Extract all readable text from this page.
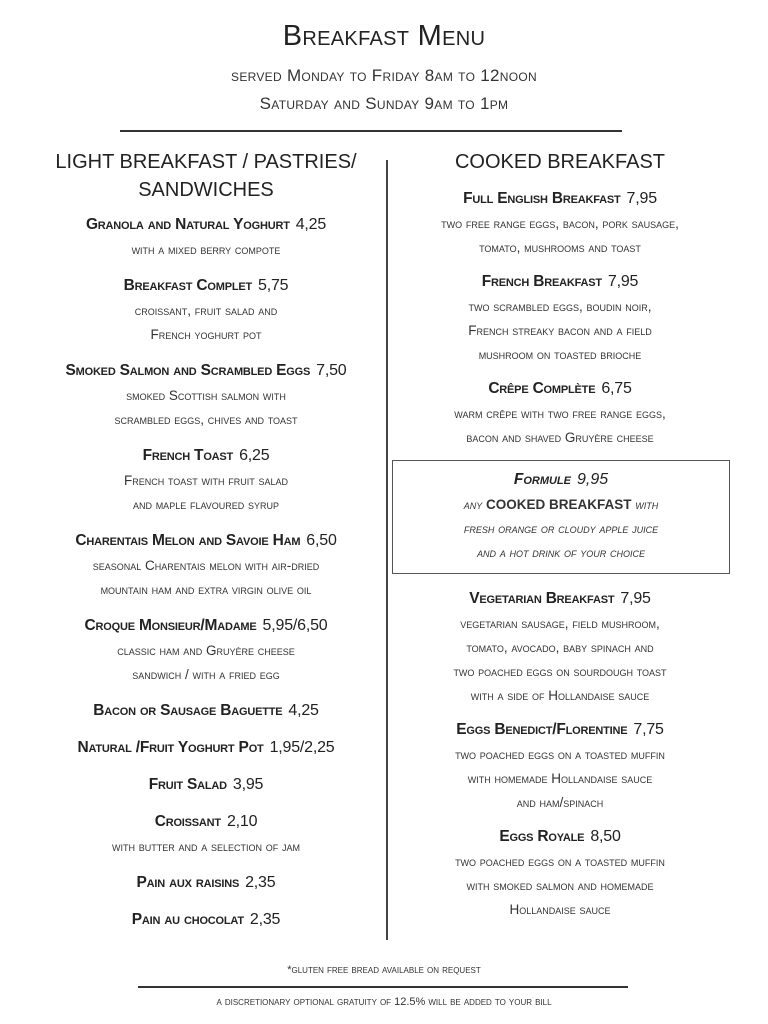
Breakfast Menu
served Monday to Friday 8am to 12noon
Saturday and Sunday 9am to 1pm
LIGHT BREAKFAST / PASTRIES/
SANDWICHES
Granola and Natural Yoghurt 4,25
with a mixed berry compote
Breakfast Complet 5,75
croissant, fruit salad and
French yoghurt pot
Smoked Salmon and Scrambled Eggs 7,50
smoked Scottish salmon with
scrambled eggs, chives and toast
French Toast 6,25
French toast with fruit salad
and maple flavoured syrup
Charentais Melon and Savoie Ham 6,50
seasonal Charentais melon with air-dried
mountain ham and extra virgin olive oil
Croque Monsieur/Madame 5,95/6,50
classic ham and Gruyère cheese
sandwich / with a fried egg
Bacon or Sausage Baguette 4,25
Natural /Fruit Yoghurt Pot 1,95/2,25
Fruit Salad 3,95
Croissant 2,10
with butter and a selection of jam
Pain aux raisins 2,35
Pain au chocolat 2,35
COOKED BREAKFAST
Full English Breakfast 7,95
two free range eggs, bacon, pork sausage,
tomato, mushrooms and toast
French Breakfast 7,95
two scrambled eggs, boudin noir,
French streaky bacon and a field
mushroom on toasted brioche
Crêpe Complète 6,75
warm crêpe with two free range eggs,
bacon and shaved Gruyère cheese
Formule 9,95
any COOKED BREAKFAST with
fresh orange or cloudy apple juice
and a hot drink of your choice
Vegetarian Breakfast 7,95
vegetarian sausage, field mushroom,
tomato, avocado, baby spinach and
two poached eggs on sourdough toast
with a side of Hollandaise sauce
Eggs Benedict/Florentine 7,75
two poached eggs on a toasted muffin
with homemade Hollandaise sauce
and ham/spinach
Eggs Royale 8,50
two poached eggs on a toasted muffin
with smoked salmon and homemade
Hollandaise sauce
*gluten free bread available on request
a discretionary optional gratuity of 12.5% will be added to your bill
